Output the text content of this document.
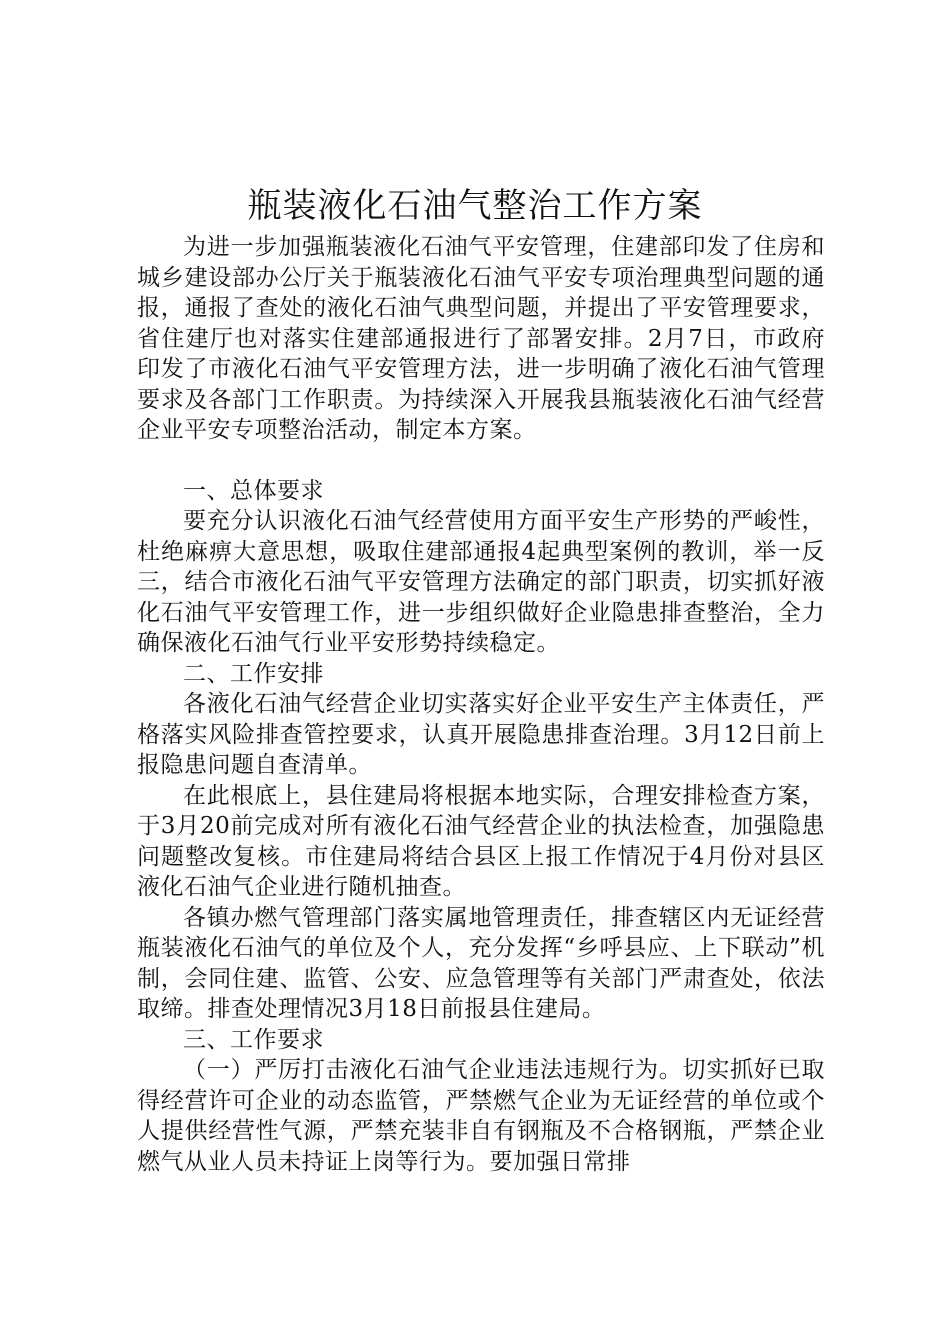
瓶装液化石油气整治工作方案

为进一步加强瓶装液化石油气平安管理，住建部印发了住房和城乡建设部办公厅关于瓶装液化石油气平安专项治理典型问题的通报，通报了查处的液化石油气典型问题，并提出了平安管理要求，省住建厅也对落实住建部通报进行了部署安排。2月7日，市政府印发了市液化石油气平安管理方法，进一步明确了液化石油气管理要求及各部门工作职责。为持续深入开展我县瓶装液化石油气经营企业平安专项整治活动，制定本方案。

一、总体要求

要充分认识液化石油气经营使用方面平安生产形势的严峻性，杜绝麻痹大意思想，吸取住建部通报4起典型案例的教训，举一反三，结合市液化石油气平安管理方法确定的部门职责，切实抓好液化石油气平安管理工作，进一步组织做好企业隐患排查整治，全力确保液化石油气行业平安形势持续稳定。

二、工作安排

各液化石油气经营企业切实落实好企业平安生产主体责任，严格落实风险排查管控要求，认真开展隐患排查治理。3月12日前上报隐患问题自查清单。

在此根底上，县住建局将根据本地实际，合理安排检查方案，于3月20前完成对所有液化石油气经营企业的执法检查，加强隐患问题整改复核。市住建局将结合县区上报工作情况于4月份对县区液化石油气企业进行随机抽查。

各镇办燃气管理部门落实属地管理责任，排查辖区内无证经营瓶装液化石油气的单位及个人，充分发挥“乡呼县应、上下联动”机制，会同住建、监管、公安、应急管理等有关部门严肃查处，依法取缔。排查处理情况3月18日前报县住建局。

三、工作要求

（一）严厉打击液化石油气企业违法违规行为。切实抓好已取得经营许可企业的动态监管，严禁燃气企业为无证经营的单位或个人提供经营性气源，严禁充装非自有钢瓶及不合格钢瓶，严禁企业燃气从业人员未持证上岗等行为。要加强日常排
